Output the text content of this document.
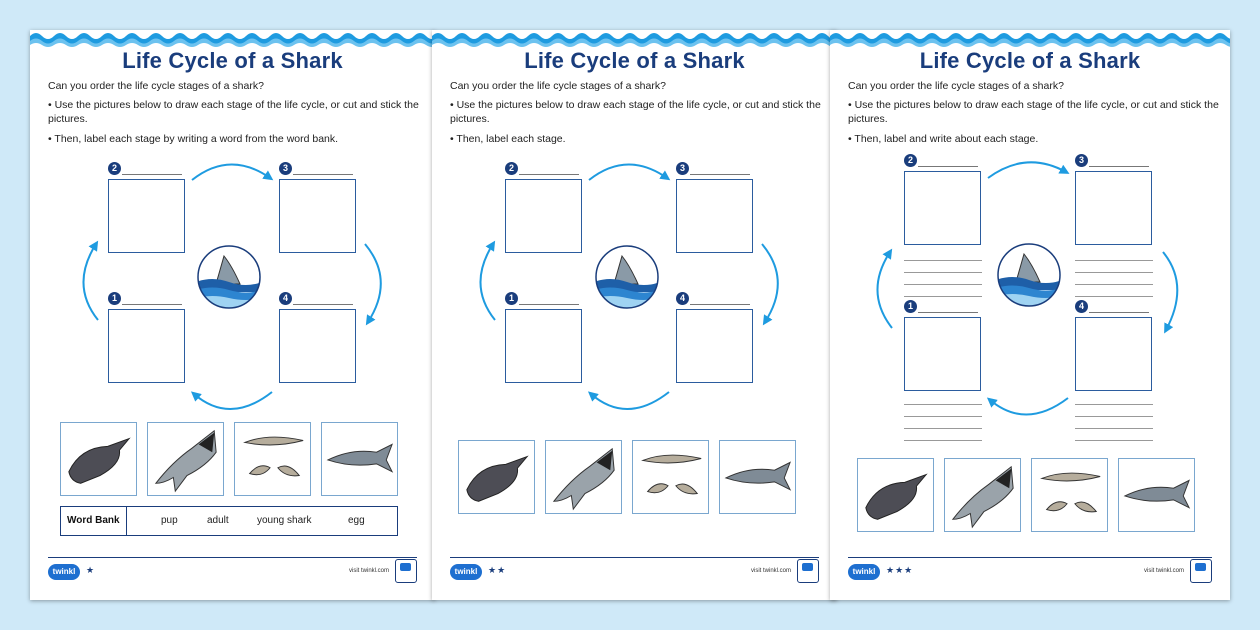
Life Cycle of a Shark
Can you order the life cycle stages of a shark?
• Use the pictures below to draw each stage of the life cycle, or cut and stick the pictures.
• Then, label each stage by writing a word from the word bank.
2	3
1	4
Word Bank	pup	adult	young shark	egg
twinkl	★	visit twinkl.com
Life Cycle of a Shark
Can you order the life cycle stages of a shark?
• Use the pictures below to draw each stage of the life cycle, or cut and stick the pictures.
• Then, label each stage.
2	3
1	4
twinkl	★★	visit twinkl.com
Life Cycle of a Shark
Can you order the life cycle stages of a shark?
• Use the pictures below to draw each stage of the life cycle, or cut and stick the pictures.
• Then, label and write about each stage.
2	3
1	4
twinkl	★★★	visit twinkl.com
